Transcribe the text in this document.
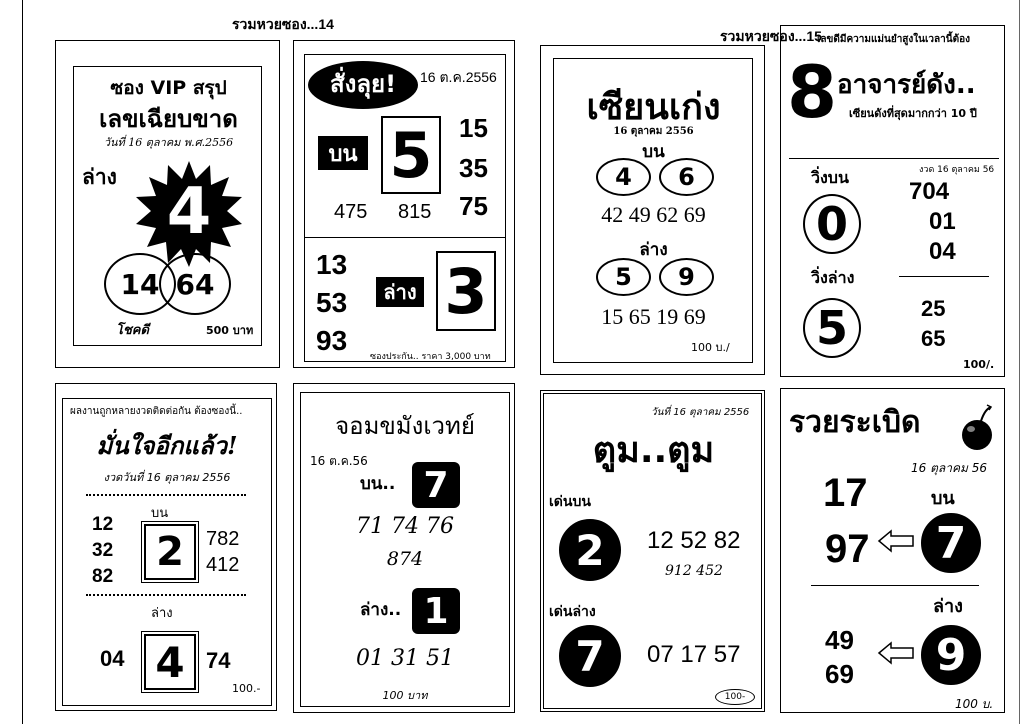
รวมหวยซอง...14
รวมหวยซอง...15
ซอง VIP สรุป
เลขเฉียบขาด
วันที่ 16 ตุลาคม พ.ศ.2556
ล่าง 4
14 64
โชคดี	500 บาท
สั่งลุย!	16 ต.ค.2556
บน 5 15
35
75
475 815
13
53
93
ล่าง 3
ซองประกัน.. ราคา 3,000 บาท
เซียนเก่ง
16 ตุลาคม 2556
บน
4	6
42 49 62 69
ล่าง
5	9
15 65 19 69
100 บ./
เลขดีมีความแม่นยำสูงในเวลานี้ต้อง
8 อาจารย์ดัง..
เซียนดังที่สุดมากกว่า 10 ปี
งวด 16 ตุลาคม 56
วิ่งบน
0
704
01
04
วิ่งล่าง
5	25
65
100/.
ผลงานถูกหลายงวดติดต่อกัน ต้องซองนี้..
มั่นใจอีกแล้ว!
งวดวันที่ 16 ตุลาคม 2556
บน
12
32
82
2 782
412
ล่าง
04 4 74
100.-
จอมขมังเวทย์
16 ต.ค.56
บน.. 7
71 74 76
874
ล่าง.. 1
01 31 51
100 บาท
วันที่ 16 ตุลาคม 2556
ตูม..ตูม
เด่นบน
2	12 52 82
912 452
เด่นล่าง
7	07 17 57
100-
รวยระเบิด
16 ตุลาคม 56
17
97
บน
7
ล่าง
49
69	9
100 บ.
